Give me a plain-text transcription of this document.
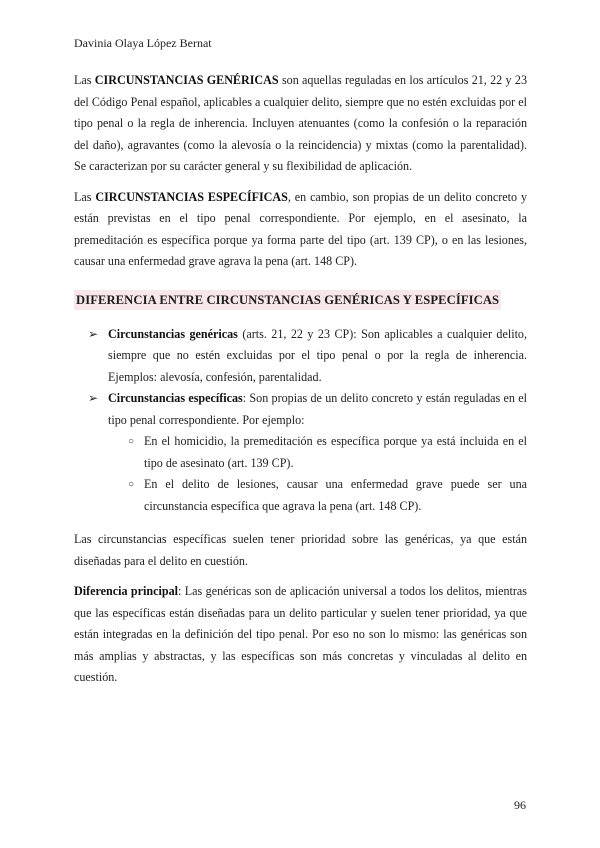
Davinia Olaya López Bernat

Las CIRCUNSTANCIAS GENÉRICAS son aquellas reguladas en los artículos 21, 22 y 23 del Código Penal español, aplicables a cualquier delito, siempre que no estén excluidas por el tipo penal o la regla de inherencia. Incluyen atenuantes (como la confesión o la reparación del daño), agravantes (como la alevosía o la reincidencia) y mixtas (como la parentalidad). Se caracterizan por su carácter general y su flexibilidad de aplicación.

Las CIRCUNSTANCIAS ESPECÍFICAS, en cambio, son propias de un delito concreto y están previstas en el tipo penal correspondiente. Por ejemplo, en el asesinato, la premeditación es específica porque ya forma parte del tipo (art. 139 CP), o en las lesiones, causar una enfermedad grave agrava la pena (art. 148 CP).

DIFERENCIA ENTRE CIRCUNSTANCIAS GENÉRICAS Y ESPECÍFICAS
➢ Circunstancias genéricas (arts. 21, 22 y 23 CP): Son aplicables a cualquier delito, siempre que no estén excluidas por el tipo penal o por la regla de inherencia. Ejemplos: alevosía, confesión, parentalidad.
➢ Circunstancias específicas: Son propias de un delito concreto y están reguladas en el tipo penal correspondiente. Por ejemplo:
○ En el homicidio, la premeditación es específica porque ya está incluida en el tipo de asesinato (art. 139 CP).
○ En el delito de lesiones, causar una enfermedad grave puede ser una circunstancia específica que agrava la pena (art. 148 CP).

Las circunstancias específicas suelen tener prioridad sobre las genéricas, ya que están diseñadas para el delito en cuestión.

Diferencia principal: Las genéricas son de aplicación universal a todos los delitos, mientras que las específicas están diseñadas para un delito particular y suelen tener prioridad, ya que están integradas en la definición del tipo penal. Por eso no son lo mismo: las genéricas son más amplias y abstractas, y las específicas son más concretas y vinculadas al delito en cuestión.

96
